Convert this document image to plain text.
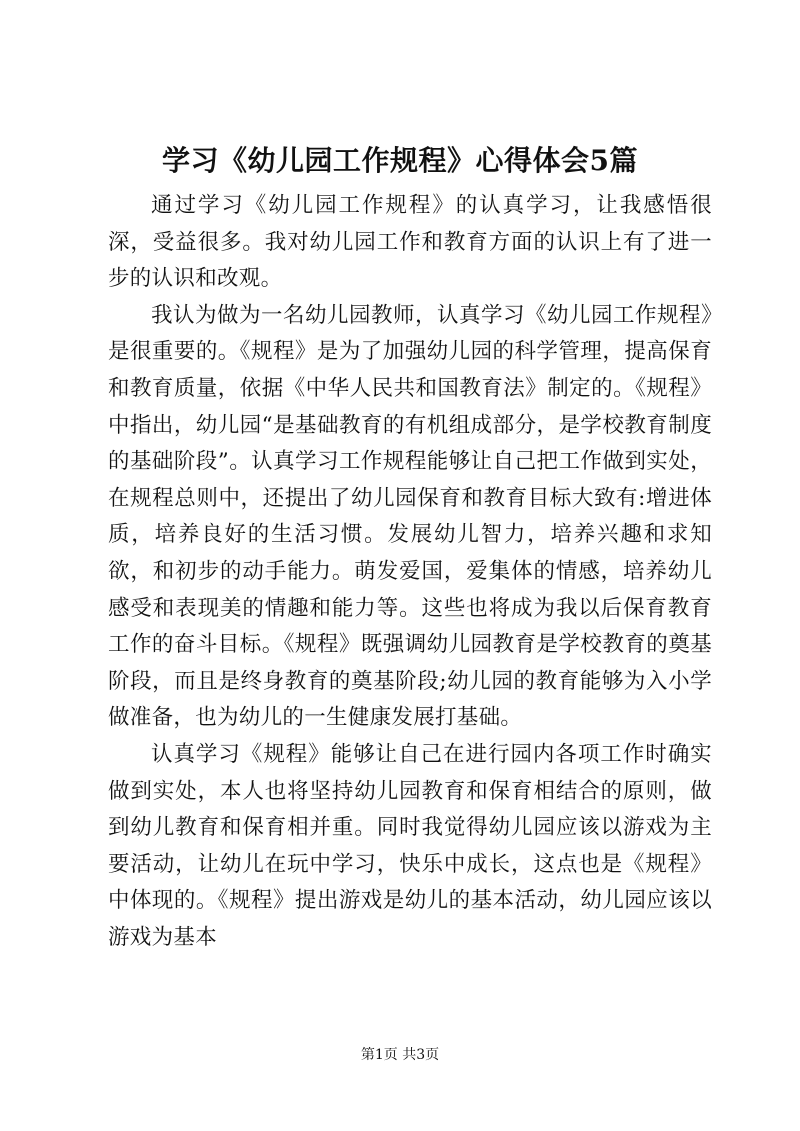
学习《幼儿园工作规程》心得体会5篇

通过学习《幼儿园工作规程》的认真学习，让我感悟很深，受益很多。我对幼儿园工作和教育方面的认识上有了进一步的认识和改观。

我认为做为一名幼儿园教师，认真学习《幼儿园工作规程》是很重要的。《规程》是为了加强幼儿园的科学管理，提高保育和教育质量，依据《中华人民共和国教育法》制定的。《规程》中指出，幼儿园“是基础教育的有机组成部分，是学校教育制度的基础阶段”。认真学习工作规程能够让自己把工作做到实处，在规程总则中，还提出了幼儿园保育和教育目标大致有:增进体质，培养良好的生活习惯。发展幼儿智力，培养兴趣和求知欲，和初步的动手能力。萌发爱国，爱集体的情感，培养幼儿感受和表现美的情趣和能力等。这些也将成为我以后保育教育工作的奋斗目标。《规程》既强调幼儿园教育是学校教育的奠基阶段，而且是终身教育的奠基阶段;幼儿园的教育能够为入小学做准备，也为幼儿的一生健康发展打基础。

认真学习《规程》能够让自己在进行园内各项工作时确实做到实处，本人也将坚持幼儿园教育和保育相结合的原则，做到幼儿教育和保育相并重。同时我觉得幼儿园应该以游戏为主要活动，让幼儿在玩中学习，快乐中成长，这点也是《规程》中体现的。《规程》提出游戏是幼儿的基本活动，幼儿园应该以游戏为基本

第1页 共3页
